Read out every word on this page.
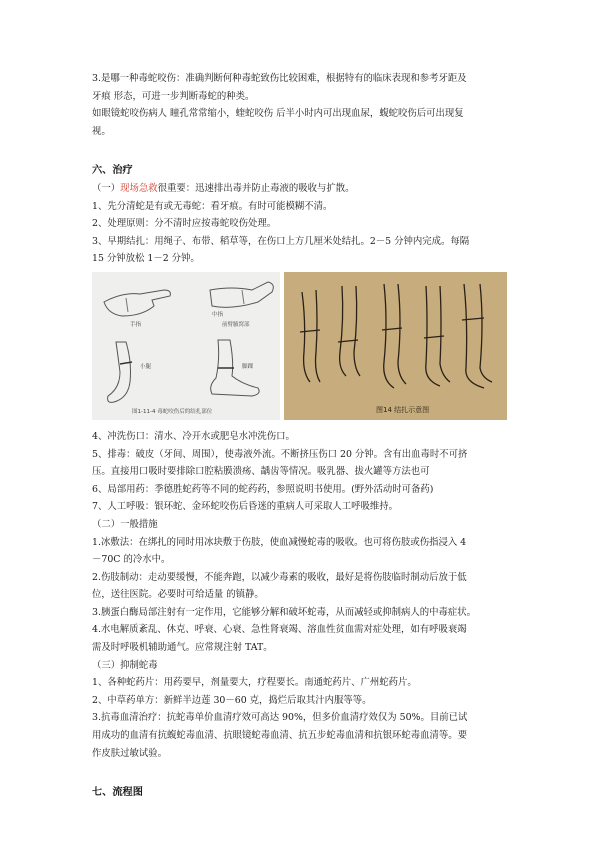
3.是哪一种毒蛇咬伤：准确判断何种毒蛇致伤比较困难，根据特有的临床表现和参考牙距及

牙痕 形态，可进一步判断毒蛇的种类。

如眼镜蛇咬伤病人 瞳孔常常缩小，蝰蛇咬伤 后半小时内可出现血尿，蝮蛇咬伤后可出现复

视。

六、治疗

（一）现场急救很重要：迅速排出毒并防止毒液的吸收与扩散。

1、先分清蛇是有或无毒蛇：看牙痕。有时可能模糊不清。

2、处理原则：分不清时应按毒蛇咬伤处理。

3、早期结扎：用绳子、布带、稻草等，在伤口上方几厘米处结扎。2－5 分钟内完成。每隔

15 分钟放松 1－2 分钟。

手指
中指
前臂腋窝部
小腿	脚踝
图1-11-4 毒蛇咬伤后的结扎部位	图14 结扎示意图

4、冲洗伤口：清水、冷开水或肥皂水冲洗伤口。

5、排毒：破皮（牙间、周围），使毒液外流。不断挤压伤口 20 分钟。含有出血毒时不可挤

压。直接用口吸时要排除口腔粘膜溃疡、龋齿等情况。吸乳器、拔火罐等方法也可

6、局部用药：季德胜蛇药等不同的蛇药药，参照说明书使用。(野外活动时可备药)

7、人工呼吸：银环蛇、金环蛇咬伤后昏迷的重病人可采取人工呼吸维持。

（二）一般措施

1.冰敷法：在绑扎的同时用冰块敷于伤肢，使血减慢蛇毒的吸收。也可将伤肢或伤指浸入 4

－70C 的冷水中。

2.伤肢制动：走动要缓慢，不能奔跑，以减少毒素的吸收，最好是将伤肢临时制动后放于低

位，送往医院。必要时可给适量 的镇静。

3.胰蛋白酶局部注射有一定作用，它能够分解和破坏蛇毒，从而减轻或抑制病人的中毒症状。

4.水电解质紊乱、休克、呼衰、心衰、急性肾衰竭、溶血性贫血需对症处理，如有呼吸衰竭

需及时呼吸机辅助通气。应常规注射 TAT。

（三）抑制蛇毒

1、各种蛇药片：用药要早，剂量要大，疗程要长。南通蛇药片、广州蛇药片。

2、中草药单方：新鲜半边莲 30－60 克，捣烂后取其汁内服等等。

3.抗毒血清治疗：抗蛇毒单价血清疗效可高达 90%，但多价血清疗效仅为 50%。目前已试

用成功的血清有抗蝮蛇毒血清、抗眼镜蛇毒血清、抗五步蛇毒血清和抗银环蛇毒血清等。要

作皮肤过敏试验。

七、流程图
